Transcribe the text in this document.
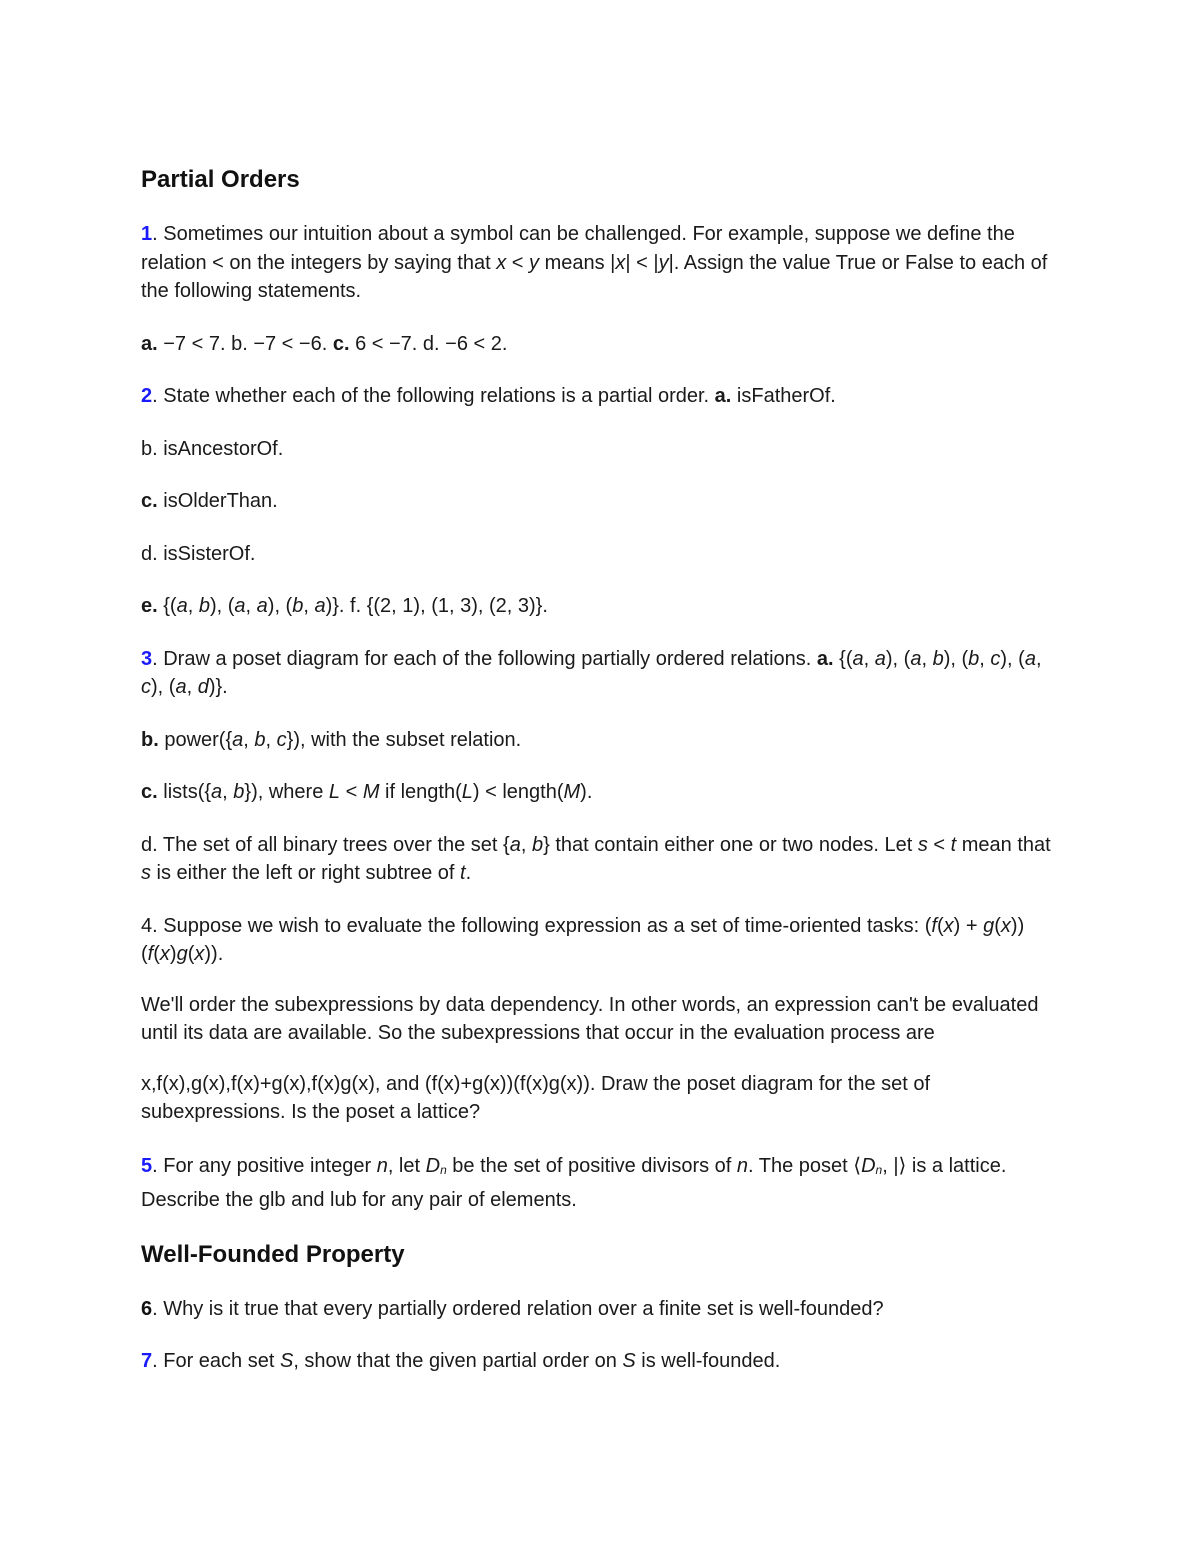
Partial Orders

1. Sometimes our intuition about a symbol can be challenged. For example, suppose we define the relation < on the integers by saying that x < y means |x| < |y|. Assign the value True or False to each of the following statements.

a. −7 < 7. b. −7 < −6. c. 6 < −7. d. −6 < 2.

2. State whether each of the following relations is a partial order. a. isFatherOf.

b. isAncestorOf.

c. isOlderThan.

d. isSisterOf.

e. {(a, b), (a, a), (b, a)}. f. {(2, 1), (1, 3), (2, 3)}.

3. Draw a poset diagram for each of the following partially ordered relations. a. {(a, a), (a, b), (b, c), (a, c), (a, d)}.

b. power({a, b, c}), with the subset relation.

c. lists({a, b}), where L < M if length(L) < length(M).

d. The set of all binary trees over the set {a, b} that contain either one or two nodes. Let s < t mean that s is either the left or right subtree of t.

4. Suppose we wish to evaluate the following expression as a set of time-oriented tasks: (f(x) + g(x))(f(x)g(x)).

We'll order the subexpressions by data dependency. In other words, an expression can't be evaluated until its data are available. So the subexpressions that occur in the evaluation process are

x,f(x),g(x),f(x)+g(x),f(x)g(x), and (f(x)+g(x))(f(x)g(x)). Draw the poset diagram for the set of subexpressions. Is the poset a lattice?

5. For any positive integer n, let $D_n$ be the set of positive divisors of n. The poset $⟨D_n$, |⟩ is a lattice. Describe the glb and lub for any pair of elements.

Well-Founded Property

6. Why is it true that every partially ordered relation over a finite set is well-founded?

7. For each set S, show that the given partial order on S is well-founded.
